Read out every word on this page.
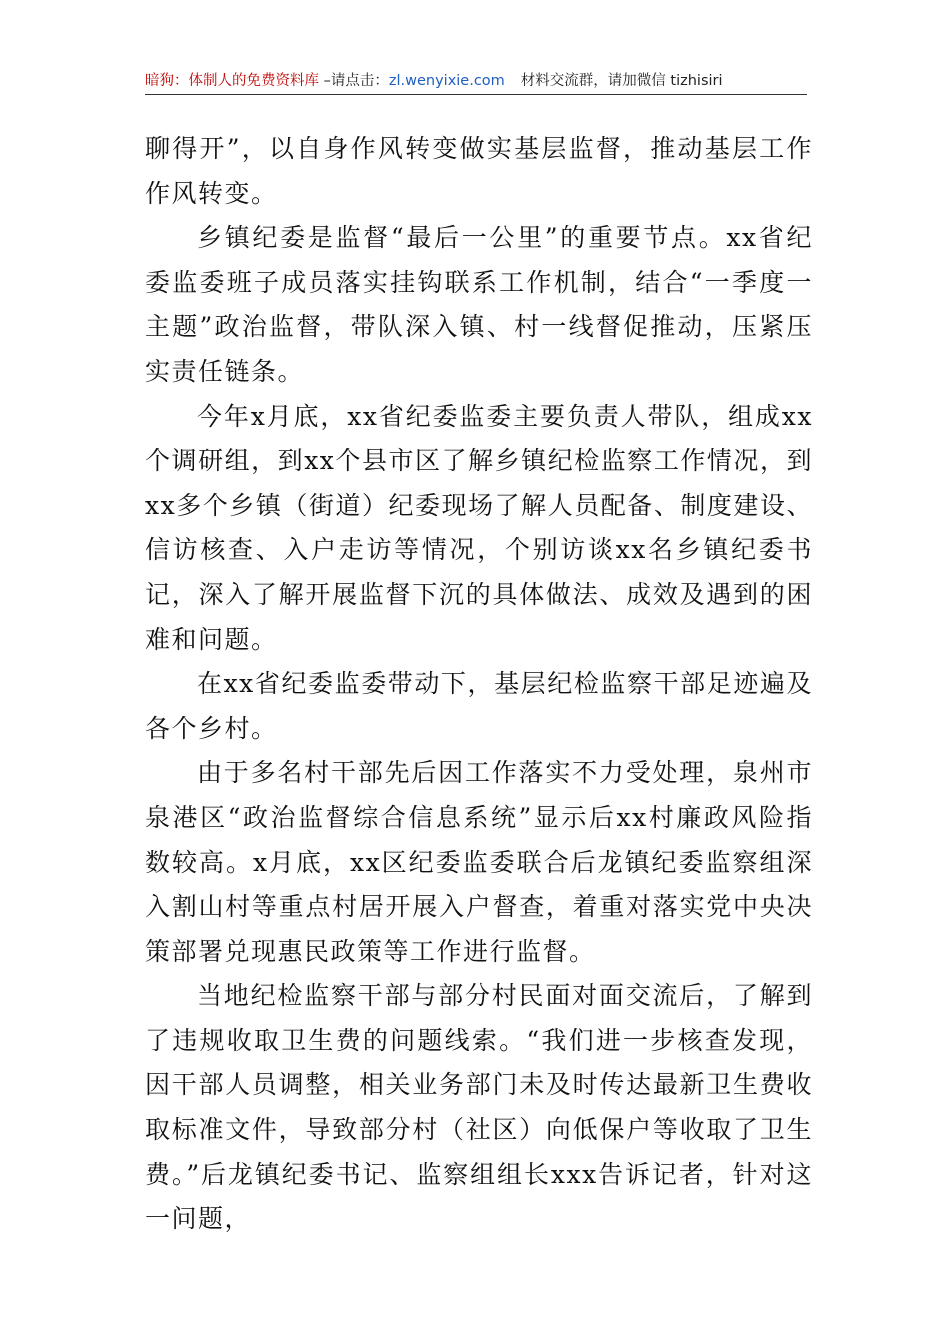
暗狗：体制人的免费资料库 –请点击：zl.wenyixie.com 材料交流群，请加微信 tizhisiri

聊得开”，以自身作风转变做实基层监督，推动基层工作作风转变。

乡镇纪委是监督“最后一公里”的重要节点。xx省纪委监委班子成员落实挂钩联系工作机制，结合“一季度一主题”政治监督，带队深入镇、村一线督促推动，压紧压实责任链条。

今年x月底，xx省纪委监委主要负责人带队，组成xx个调研组，到xx个县市区了解乡镇纪检监察工作情况，到xx多个乡镇（街道）纪委现场了解人员配备、制度建设、信访核查、入户走访等情况，个别访谈xx名乡镇纪委书记，深入了解开展监督下沉的具体做法、成效及遇到的困难和问题。

在xx省纪委监委带动下，基层纪检监察干部足迹遍及各个乡村。

由于多名村干部先后因工作落实不力受处理，泉州市泉港区“政治监督综合信息系统”显示后xx村廉政风险指数较高。x月底，xx区纪委监委联合后龙镇纪委监察组深入割山村等重点村居开展入户督查，着重对落实党中央决策部署兑现惠民政策等工作进行监督。

当地纪检监察干部与部分村民面对面交流后，了解到了违规收取卫生费的问题线索。“我们进一步核查发现，因干部人员调整，相关业务部门未及时传达最新卫生费收取标准文件，导致部分村（社区）向低保户等收取了卫生费。”后龙镇纪委书记、监察组组长xxx告诉记者，针对这一问题，
